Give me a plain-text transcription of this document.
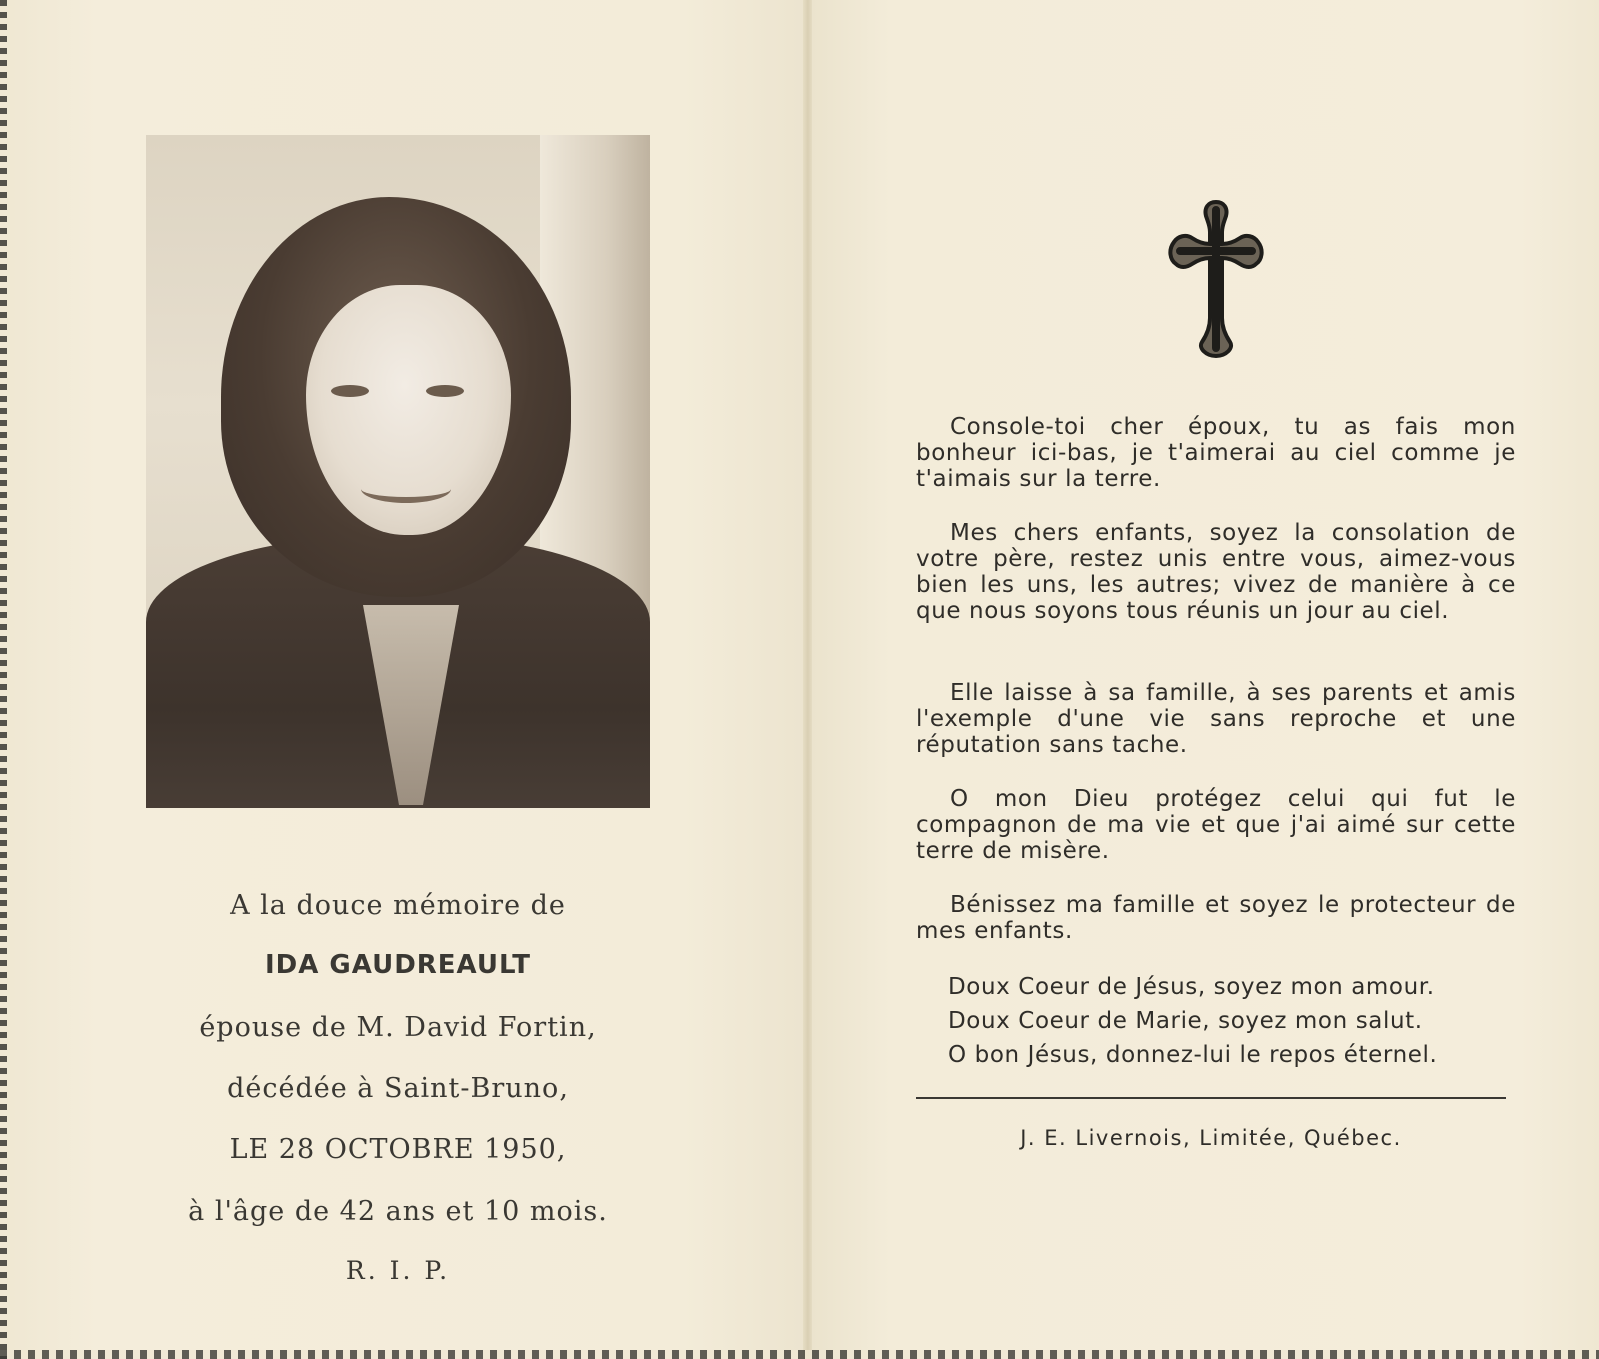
A la douce mémoire de
IDA GAUDREAULT
épouse de M. David Fortin,
décédée à Saint-Bruno,
LE 28 OCTOBRE 1950,
à l'âge de 42 ans et 10 mois.
R. I. P.
Console-toi cher époux, tu as fais mon bonheur ici-bas, je t'aimerai au ciel comme je t'aimais sur la terre.
Mes chers enfants, soyez la consolation de votre père, restez unis entre vous, aimez-vous bien les uns, les autres; vivez de manière à ce que nous soyons tous réunis un jour au ciel.
Elle laisse à sa famille, à ses parents et amis l'exemple d'une vie sans reproche et une réputation sans tache.
O mon Dieu protégez celui qui fut le compagnon de ma vie et que j'ai aimé sur cette terre de misère.
Bénissez ma famille et soyez le protecteur de mes enfants.
Doux Coeur de Jésus, soyez mon amour.
Doux Coeur de Marie, soyez mon salut.
O bon Jésus, donnez-lui le repos éternel.
J. E. Livernois, Limitée, Québec.
